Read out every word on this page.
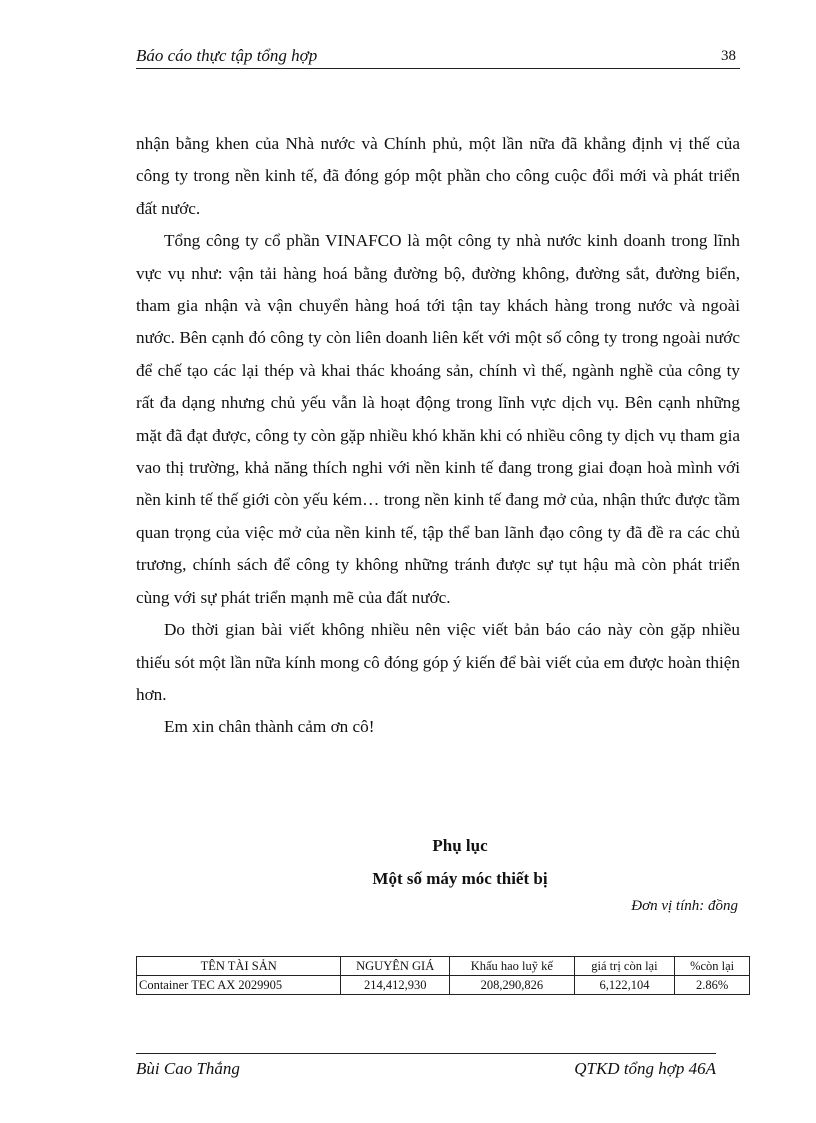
Báo cáo thực tập tổng hợp	38

nhận bằng khen của Nhà nước và Chính phủ, một lần nữa đã khẳng định vị thế của công ty trong nền kinh tế, đã đóng góp một phần cho công cuộc đổi mới và phát triển đất nước.

Tổng công ty cổ phần VINAFCO là một công ty nhà nước kinh doanh trong lĩnh vực vụ như: vận tải hàng hoá bằng đường bộ, đường không, đường sắt, đường biển, tham gia nhận và vận chuyển hàng hoá tới tận tay khách hàng trong nước và ngoài nước. Bên cạnh đó công ty còn liên doanh liên kết với một số công ty trong ngoài nước để chế tạo các lại thép và khai thác khoáng sản, chính vì thế, ngành nghề của công ty rất đa dạng nhưng chủ yếu vẫn là hoạt động trong lĩnh vực dịch vụ. Bên cạnh những mặt đã đạt được, công ty còn gặp nhiều khó khăn khi có nhiều công ty dịch vụ tham gia vao thị trường, khả năng thích nghi với nền kinh tế đang trong giai đoạn hoà mình với nền kinh tế thế giới còn yếu kém… trong nền kinh tế đang mở của, nhận thức được tầm quan trọng của việc mở của nền kinh tế, tập thể ban lãnh đạo công ty đã đề ra các chủ trương, chính sách để công ty không những tránh được sự tụt hậu mà còn phát triển cùng với sự phát triển mạnh mẽ của đất nước.

Do thời gian bài viết không nhiều nên việc viết bản báo cáo này còn gặp nhiều thiếu sót một lần nữa kính mong cô đóng góp ý kiến để bài viết của em được hoàn thiện hơn.

Em xin chân thành cảm ơn cô!

Phụ lục
Một số máy móc thiết bị
Đơn vị tính: đồng
TÊN TÀI SẢN	NGUYÊN GIÁ	Khấu hao luỹ kế	giá trị còn lại	%còn lại
Container TEC AX 2029905	214,412,930	208,290,826	6,122,104	2.86%
Bùi Cao Thắng	QTKD tổng hợp 46A
